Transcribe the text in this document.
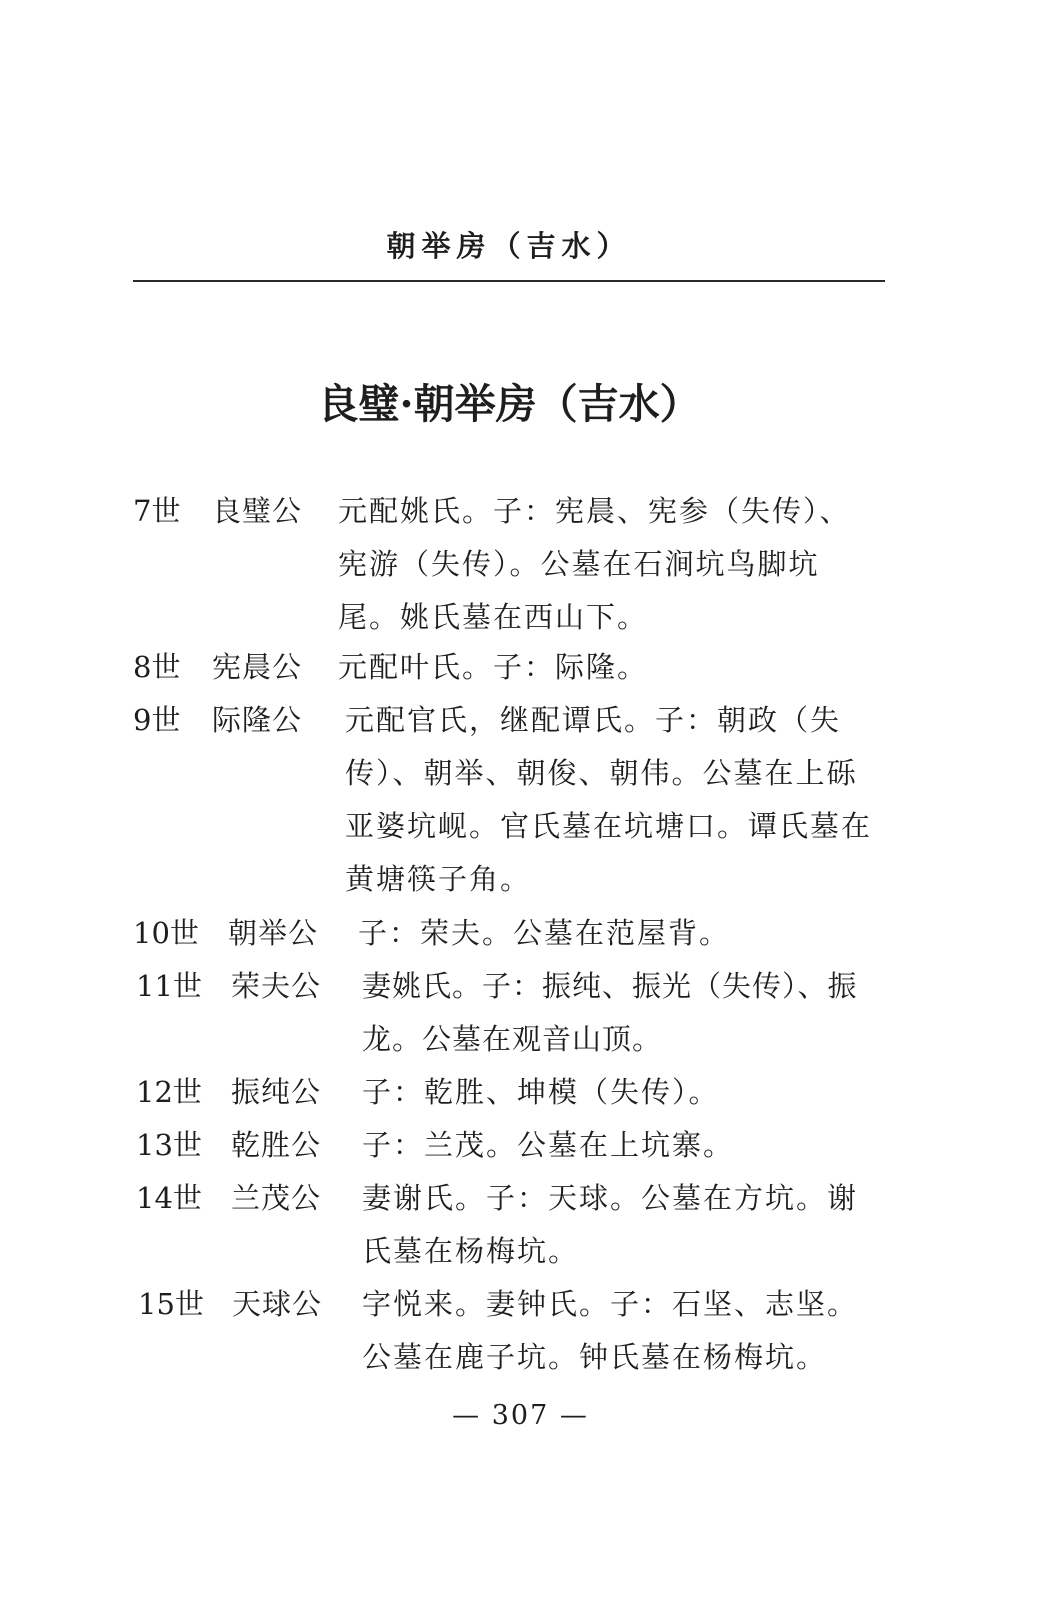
朝举房（吉水）
良璧·朝举房（吉水）
7世 良璧公 元配姚氏。子：宪晨、宪参（失传）、宪游（失传）。公墓在石涧坑鸟脚坑尾。姚氏墓在西山下。
8世 宪晨公 元配叶氏。子：际隆。
9世 际隆公 元配官氏，继配谭氏。子：朝政（失传）、朝举、朝俊、朝伟。公墓在上砾亚婆坑岘。官氏墓在坑塘口。谭氏墓在黄塘筷子角。
10世 朝举公 子：荣夫。公墓在范屋背。
11世 荣夫公 妻姚氏。子：振纯、振光（失传）、振龙。公墓在观音山顶。
12世 振纯公 子：乾胜、坤模（失传）。
13世 乾胜公 子：兰茂。公墓在上坑寨。
14世 兰茂公 妻谢氏。子：天球。公墓在方坑。谢氏墓在杨梅坑。
15世 天球公 字悦来。妻钟氏。子：石坚、志坚。公墓在鹿子坑。钟氏墓在杨梅坑。
— 307 —
